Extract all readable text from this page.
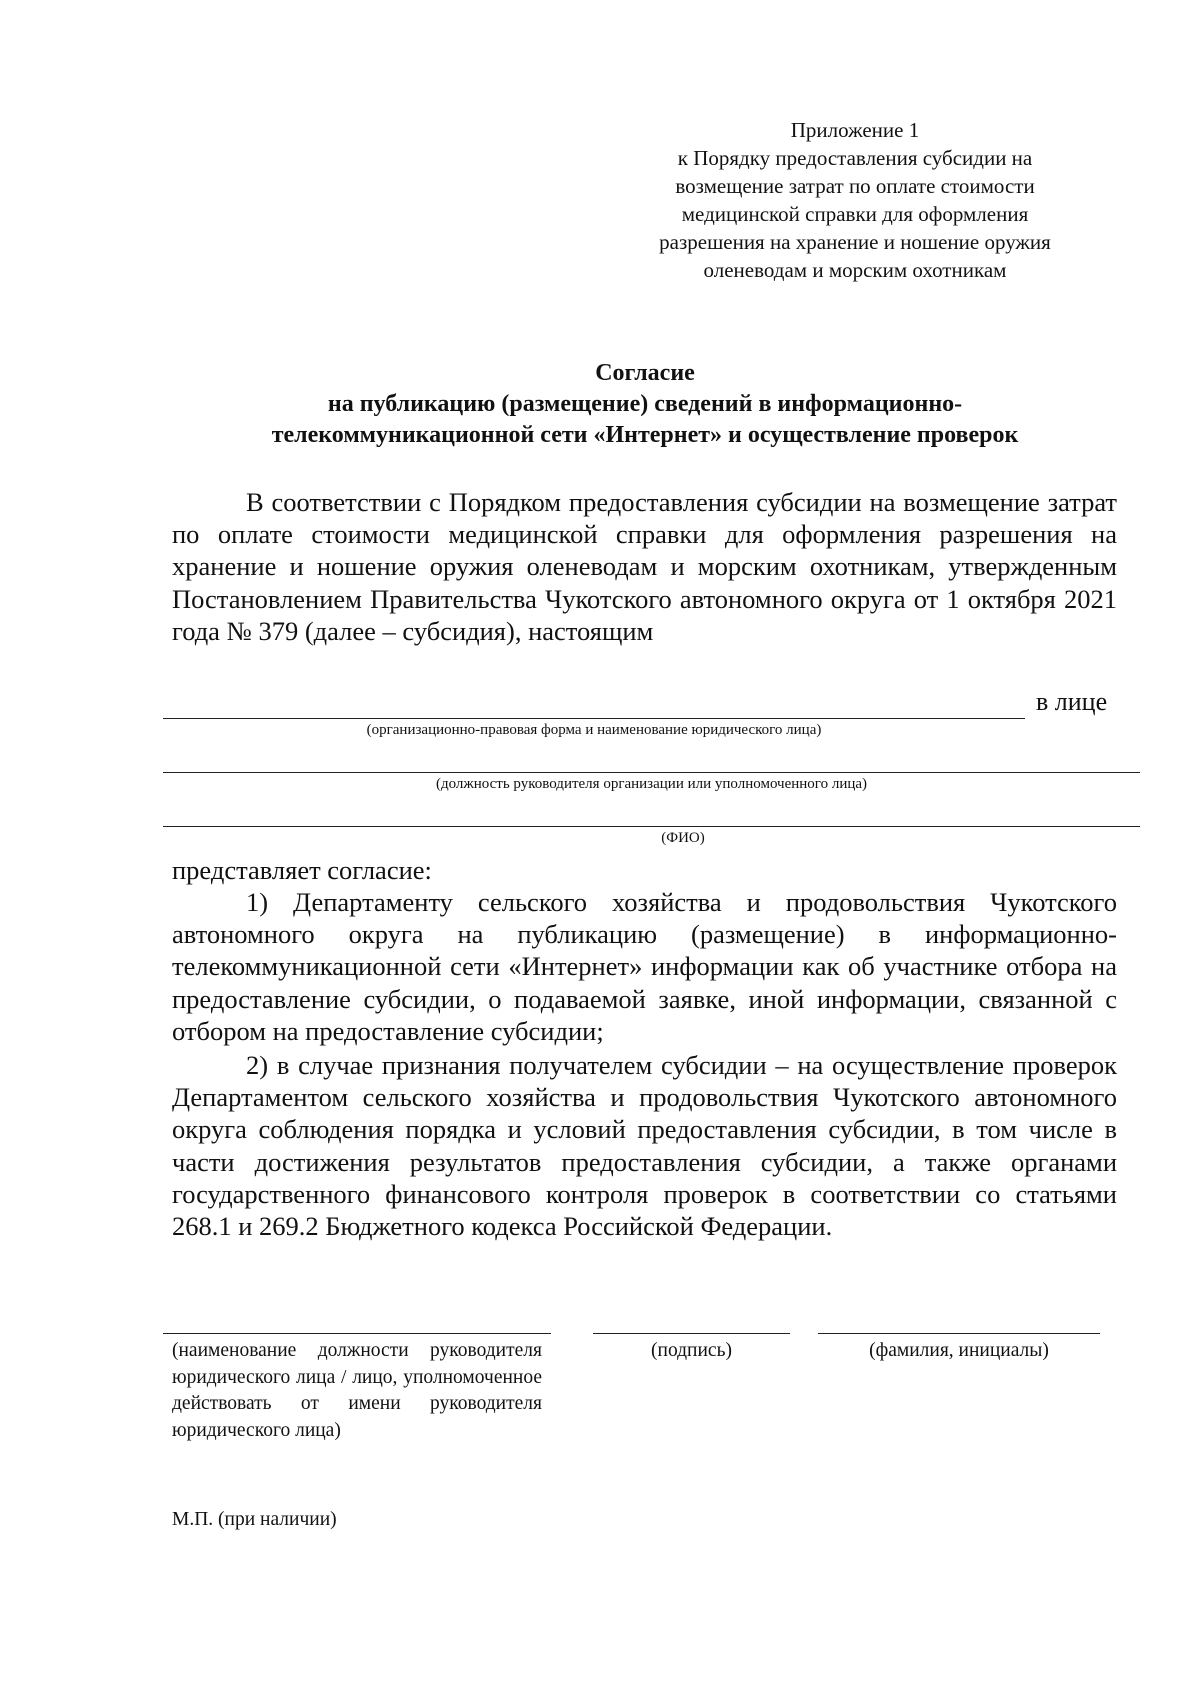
Приложение 1
к Порядку предоставления субсидии на
возмещение затрат по оплате стоимости
медицинской справки для оформления
разрешения на хранение и ношение оружия
оленеводам и морским охотникам
Согласие
на публикацию (размещение) сведений в информационно-
телекоммуникационной сети «Интернет» и осуществление проверок
В соответствии с Порядком предоставления субсидии на возмещение затрат по оплате стоимости медицинской справки для оформления разрешения на хранение и ношение оружия оленеводам и морским охотникам, утвержденным Постановлением Правительства Чукотского автономного округа от 1 октября 2021 года № 379 (далее – субсидия), настоящим
в лице
(организационно-правовая форма и наименование юридического лица)
(должность руководителя организации или уполномоченного лица)
(ФИО)
представляет согласие:
1) Департаменту сельского хозяйства и продовольствия Чукотского автономного округа на публикацию (размещение) в информационно-телекоммуникационной сети «Интернет» информации как об участнике отбора на предоставление субсидии, о подаваемой заявке, иной информации, связанной с отбором на предоставление субсидии;
2) в случае признания получателем субсидии – на осуществление проверок Департаментом сельского хозяйства и продовольствия Чукотского автономного округа соблюдения порядка и условий предоставления субсидии, в том числе в части достижения результатов предоставления субсидии, а также органами государственного финансового контроля проверок в соответствии со статьями 268.1 и 269.2 Бюджетного кодекса Российской Федерации.
(наименование должности руководителя юридического лица / лицо, уполномоченное действовать от имени руководителя юридического лица)
(подпись)	(фамилия, инициалы)
М.П. (при наличии)
